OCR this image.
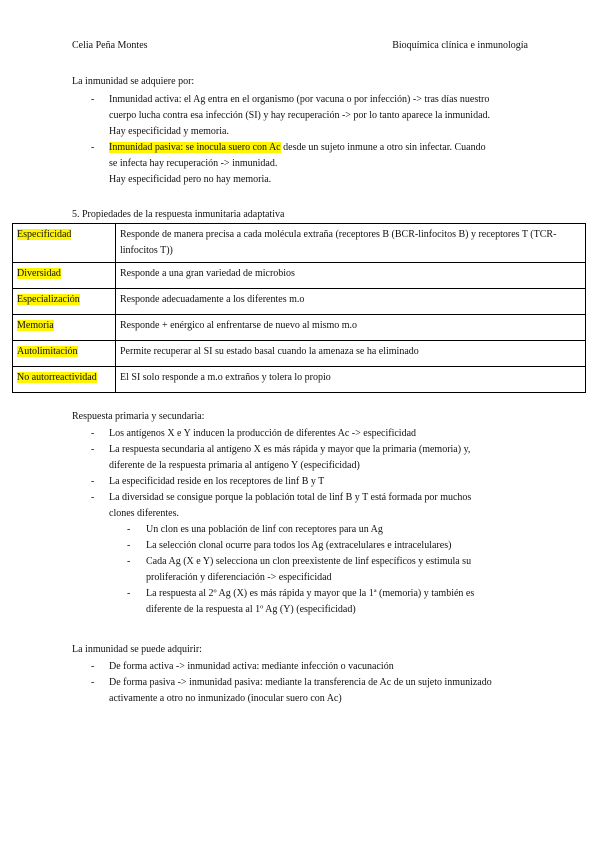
Celia Peña Montes	Bioquímica clínica e inmunología

La inmunidad se adquiere por:

- Inmunidad activa: el Ag entra en el organismo (por vacuna o por infección) -> tras días nuestro
cuerpo lucha contra esa infección (SI) y hay recuperación -> por lo tanto aparece la inmunidad.
Hay especificidad y memoria.
- Inmunidad pasiva: se inocula suero con Ac desde un sujeto inmune a otro sin infectar. Cuando
se infecta hay recuperación -> inmunidad.
Hay especificidad pero no hay memoria.
5. Propiedades de la respuesta inmunitaria adaptativa
Especificidad	Responde de manera precisa a cada molécula extraña (receptores B (BCR-linfocitos B) y receptores T (TCR-linfocitos T))
Diversidad	Responde a una gran variedad de microbios
Especialización	Responde adecuadamente a los diferentes m.o
Memoria	Responde + enérgico al enfrentarse de nuevo al mismo m.o
Autolimitación	Permite recuperar al SI su estado basal cuando la amenaza se ha eliminado
No autorreactividad	El SI solo responde a m.o extraños y tolera lo propio

Respuesta primaria y secundaria:

- Los antígenos X e Y inducen la producción de diferentes Ac -> especificidad
- La respuesta secundaria al antígeno X es más rápida y mayor que la primaria (memoria) y, diferente de la respuesta primaria al antígeno Y (especificidad)
- La especificidad reside en los receptores de linf B y T
- La diversidad se consigue porque la población total de linf B y T está formada por muchos clones diferentes.
- Un clon es una población de linf con receptores para un Ag
- La selección clonal ocurre para todos los Ag (extracelulares e intracelulares)
- Cada Ag (X e Y) selecciona un clon preexistente de linf específicos y estimula su proliferación y diferenciación -> especificidad
- La respuesta al 2º Ag (X) es más rápida y mayor que la 1ª (memoria) y también es diferente de la respuesta al 1º Ag (Y) (especificidad)

La inmunidad se puede adquirir:

- De forma activa -> inmunidad activa: mediante infección o vacunación
- De forma pasiva -> inmunidad pasiva: mediante la transferencia de Ac de un sujeto inmunizado activamente a otro no inmunizado (inocular suero con Ac)
